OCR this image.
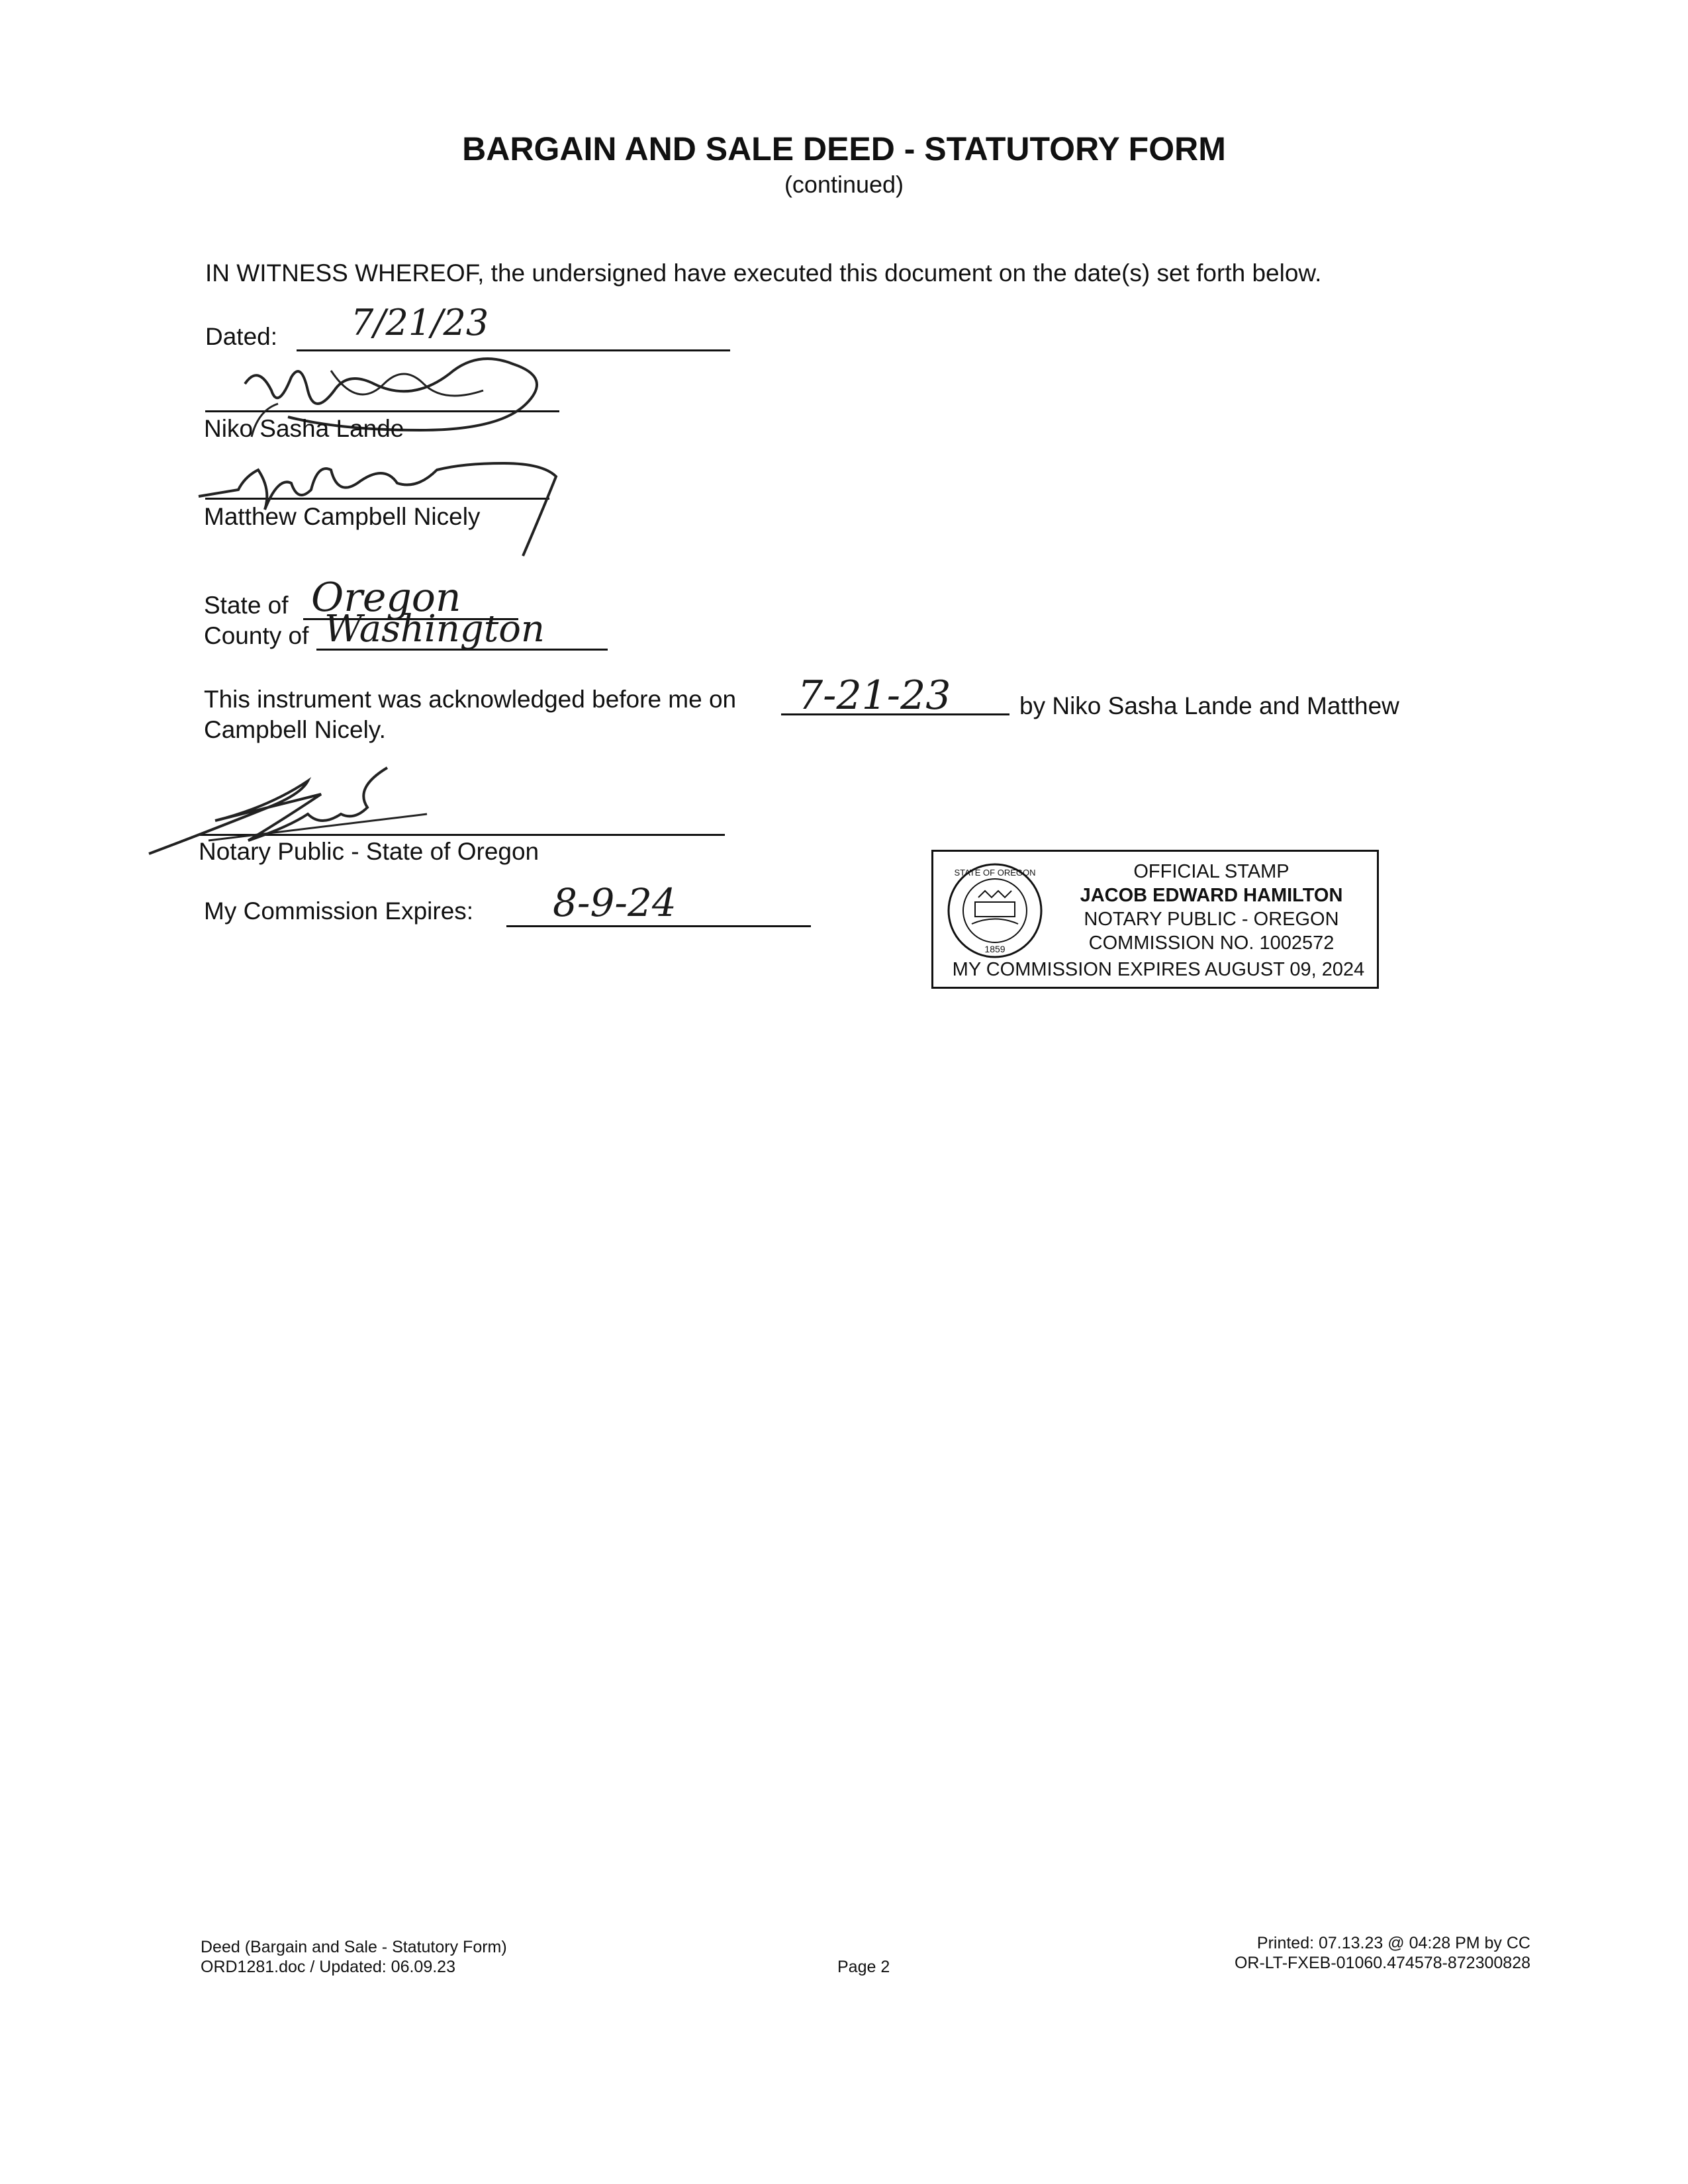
BARGAIN AND SALE DEED - STATUTORY FORM
(continued)
IN WITNESS WHEREOF, the undersigned have executed this document on the date(s) set forth below.
Dated: 7/21/23
Niko Sasha Lande
Matthew Campbell Nicely
State of Oregon
County of Washington
This instrument was acknowledged before me on 7-21-23	by Niko Sasha Lande and Matthew
Campbell Nicely.
Notary Public - State of Oregon
My Commission Expires: 8-9-24
STATE OF OREGON
1859
OFFICIAL STAMP
JACOB EDWARD HAMILTON
NOTARY PUBLIC - OREGON
COMMISSION NO. 1002572
MY COMMISSION EXPIRES AUGUST 09, 2024
Deed (Bargain and Sale - Statutory Form)
ORD1281.doc / Updated: 06.09.23	Page 2
Printed: 07.13.23 @ 04:28 PM by CC
OR-LT-FXEB-01060.474578-872300828
